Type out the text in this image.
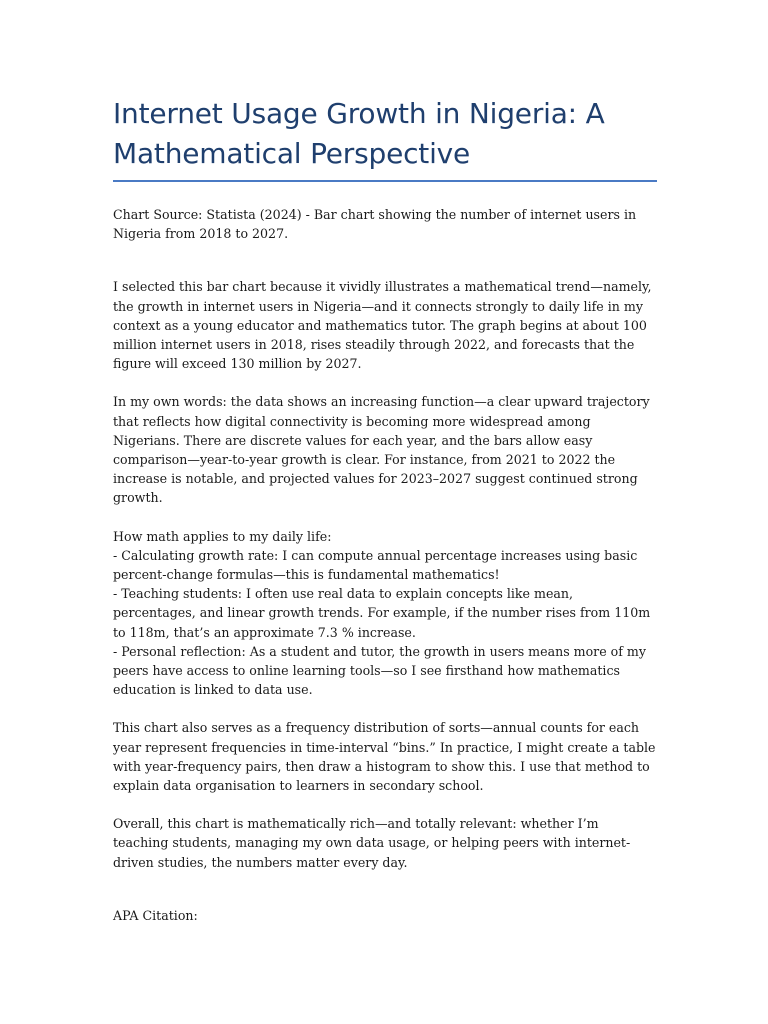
Internet Usage Growth in Nigeria: A Mathematical Perspective

Chart Source: Statista (2024) - Bar chart showing the number of internet users in Nigeria from 2018 to 2027.

I selected this bar chart because it vividly illustrates a mathematical trend—namely, the growth in internet users in Nigeria—and it connects strongly to daily life in my context as a young educator and mathematics tutor. The graph begins at about 100 million internet users in 2018, rises steadily through 2022, and forecasts that the figure will exceed 130 million by 2027.

In my own words: the data shows an increasing function—a clear upward trajectory that reflects how digital connectivity is becoming more widespread among Nigerians. There are discrete values for each year, and the bars allow easy comparison—year-to-year growth is clear. For instance, from 2021 to 2022 the increase is notable, and projected values for 2023–2027 suggest continued strong growth.

How math applies to my daily life:
- Calculating growth rate: I can compute annual percentage increases using basic percent-change formulas—this is fundamental mathematics!
- Teaching students: I often use real data to explain concepts like mean, percentages, and linear growth trends. For example, if the number rises from 110m to 118m, that’s an approximate 7.3 % increase.
- Personal reflection: As a student and tutor, the growth in users means more of my peers have access to online learning tools—so I see firsthand how mathematics education is linked to data use.

This chart also serves as a frequency distribution of sorts—annual counts for each year represent frequencies in time-interval “bins.” In practice, I might create a table with year-frequency pairs, then draw a histogram to show this. I use that method to explain data organisation to learners in secondary school.

Overall, this chart is mathematically rich—and totally relevant: whether I’m teaching students, managing my own data usage, or helping peers with internet-driven studies, the numbers matter every day.

APA Citation:
